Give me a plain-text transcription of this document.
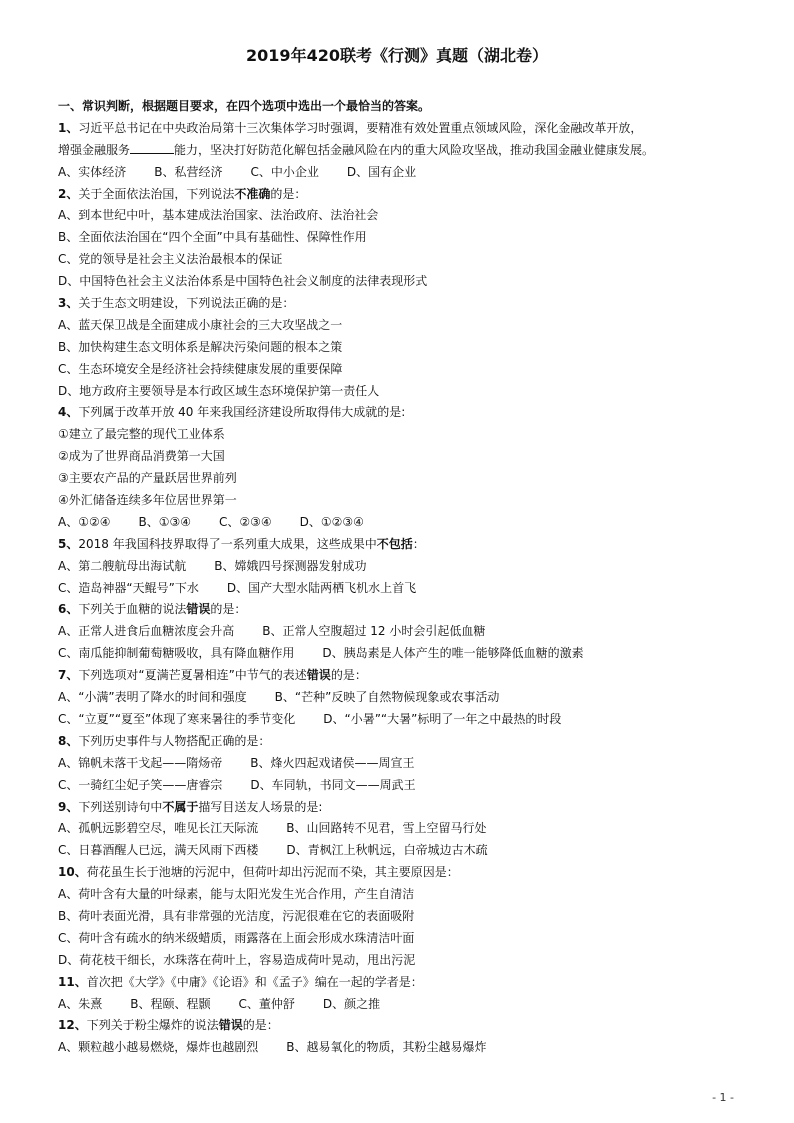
2019年420联考《行测》真题（湖北卷）
一、常识判断，根据题目要求，在四个选项中选出一个最恰当的答案。
1、习近平总书记在中央政治局第十三次集体学习时强调，要精准有效处置重点领域风险，深化金融改革开放，
增强金融服务	能力，坚决打好防范化解包括金融风险在内的重大风险攻坚战，推动我国金融业健康发展。
A、实体经济 B、私营经济 C、中小企业 D、国有企业
2、关于全面依法治国，下列说法不准确的是：
A、到本世纪中叶，基本建成法治国家、法治政府、法治社会
B、全面依法治国在“四个全面”中具有基础性、保障性作用
C、党的领导是社会主义法治最根本的保证
D、中国特色社会主义法治体系是中国特色社会义制度的法律表现形式
3、关于生态文明建设，下列说法正确的是：
A、蓝天保卫战是全面建成小康社会的三大攻坚战之一
B、加快构建生态文明体系是解决污染问题的根本之策
C、生态环境安全是经济社会持续健康发展的重要保障
D、地方政府主要领导是本行政区域生态环境保护第一责任人
4、下列属于改革开放 40 年来我国经济建设所取得伟大成就的是:
①建立了最完整的现代工业体系
②成为了世界商品消费第一大国
③主要农产品的产量跃居世界前列
④外汇储备连续多年位居世界第一
A、①②④ B、①③④ C、②③④ D、①②③④
5、2018 年我国科技界取得了一系列重大成果，这些成果中不包括：
A、第二艘航母出海试航 B、嫦娥四号探测器发射成功
C、造岛神器“天鲲号”下水 D、国产大型水陆两栖飞机水上首飞
6、下列关于血糖的说法错误的是：
A、正常人进食后血糖浓度会升高 B、正常人空腹超过 12 小时会引起低血糖
C、南瓜能抑制葡萄糖吸收，具有降血糖作用 D、胰岛素是人体产生的唯一能够降低血糖的激素
7、下列选项对“夏满芒夏暑相连”中节气的表述错误的是：
A、“小满”表明了降水的时间和强度 B、“芒种”反映了自然物候现象或农事活动
C、“立夏”“夏至”体现了寒来暑往的季节变化 D、“小暑”“大暑”标明了一年之中最热的时段
8、下列历史事件与人物搭配正确的是：
A、锦帆未落干戈起——隋炀帝 B、烽火四起戏诸侯——周宣王
C、一骑红尘妃子笑——唐睿宗 D、车同轨，书同文——周武王
9、下列送别诗句中不属于描写目送友人场景的是:
A、孤帆远影碧空尽，唯见长江天际流 B、山回路转不见君，雪上空留马行处
C、日暮酒醒人已远，满天风雨下西楼 D、青枫江上秋帆远，白帝城边古木疏
10、荷花虽生长于池塘的污泥中，但荷叶却出污泥而不染，其主要原因是：
A、荷叶含有大量的叶绿素，能与太阳光发生光合作用，产生自清洁
B、荷叶表面光滑，具有非常强的光洁度，污泥很难在它的表面吸附
C、荷叶含有疏水的纳米级蜡质，雨露落在上面会形成水珠清洁叶面
D、荷花枝干细长，水珠落在荷叶上，容易造成荷叶晃动，甩出污泥
11、首次把《大学》《中庸》《论语》和《孟子》编在一起的学者是：
A、朱熹 B、程颐、程颢 C、董仲舒 D、颜之推
12、下列关于粉尘爆炸的说法错误的是：
A、颗粒越小越易燃烧，爆炸也越剧烈 B、越易氧化的物质，其粉尘越易爆炸
- 1 -
